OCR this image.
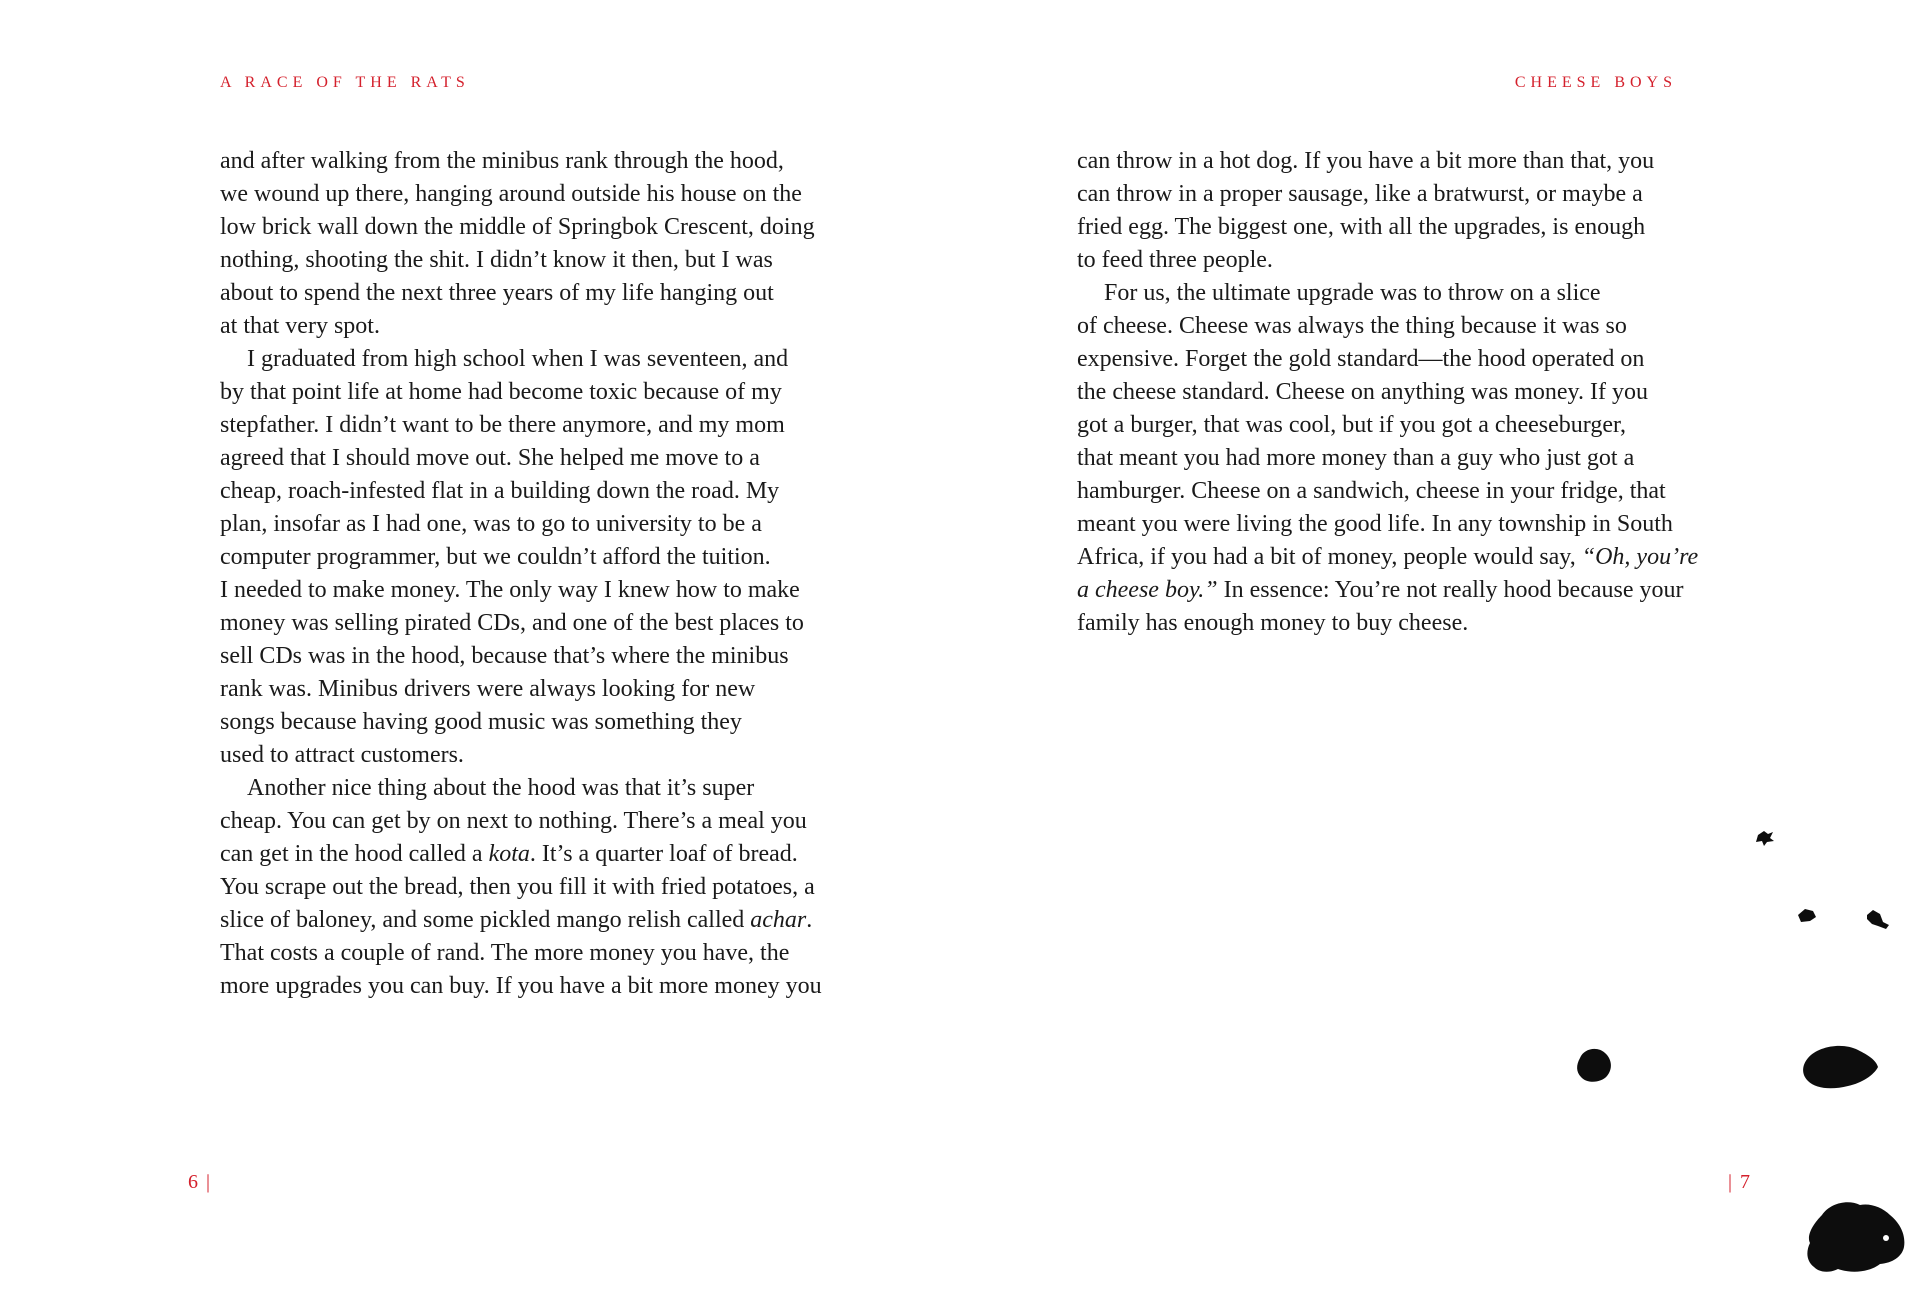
A RACE OF THE RATS
and after walking from the minibus rank through the hood,
we wound up there, hanging around outside his house on the
low brick wall down the middle of Springbok Crescent, doing
nothing, shooting the shit. I didn’t know it then, but I was
about to spend the next three years of my life hanging out
at that very spot.
I graduated from high school when I was seventeen, and
by that point life at home had become toxic because of my
stepfather. I didn’t want to be there anymore, and my mom
agreed that I should move out. She helped me move to a
cheap, roach-infested flat in a building down the road. My
plan, insofar as I had one, was to go to university to be a
computer programmer, but we couldn’t afford the tuition.
I needed to make money. The only way I knew how to make
money was selling pirated CDs, and one of the best places to
sell CDs was in the hood, because that’s where the minibus
rank was. Minibus drivers were always looking for new
songs because having good music was something they
used to attract customers.
Another nice thing about the hood was that it’s super
cheap. You can get by on next to nothing. There’s a meal you
can get in the hood called a kota. It’s a quarter loaf of bread.
You scrape out the bread, then you fill it with fried potatoes, a
slice of baloney, and some pickled mango relish called achar.
That costs a couple of rand. The more money you have, the
more upgrades you can buy. If you have a bit more money you
6 |
CHEESE BOYS
can throw in a hot dog. If you have a bit more than that, you
can throw in a proper sausage, like a bratwurst, or maybe a
fried egg. The biggest one, with all the upgrades, is enough
to feed three people.
For us, the ultimate upgrade was to throw on a slice
of cheese. Cheese was always the thing because it was so
expensive. Forget the gold standard—the hood operated on
the cheese standard. Cheese on anything was money. If you
got a burger, that was cool, but if you got a cheeseburger,
that meant you had more money than a guy who just got a
hamburger. Cheese on a sandwich, cheese in your fridge, that
meant you were living the good life. In any township in South
Africa, if you had a bit of money, people would say, “Oh, you’re
a cheese boy.” In essence: You’re not really hood because your
family has enough money to buy cheese.
| 7
